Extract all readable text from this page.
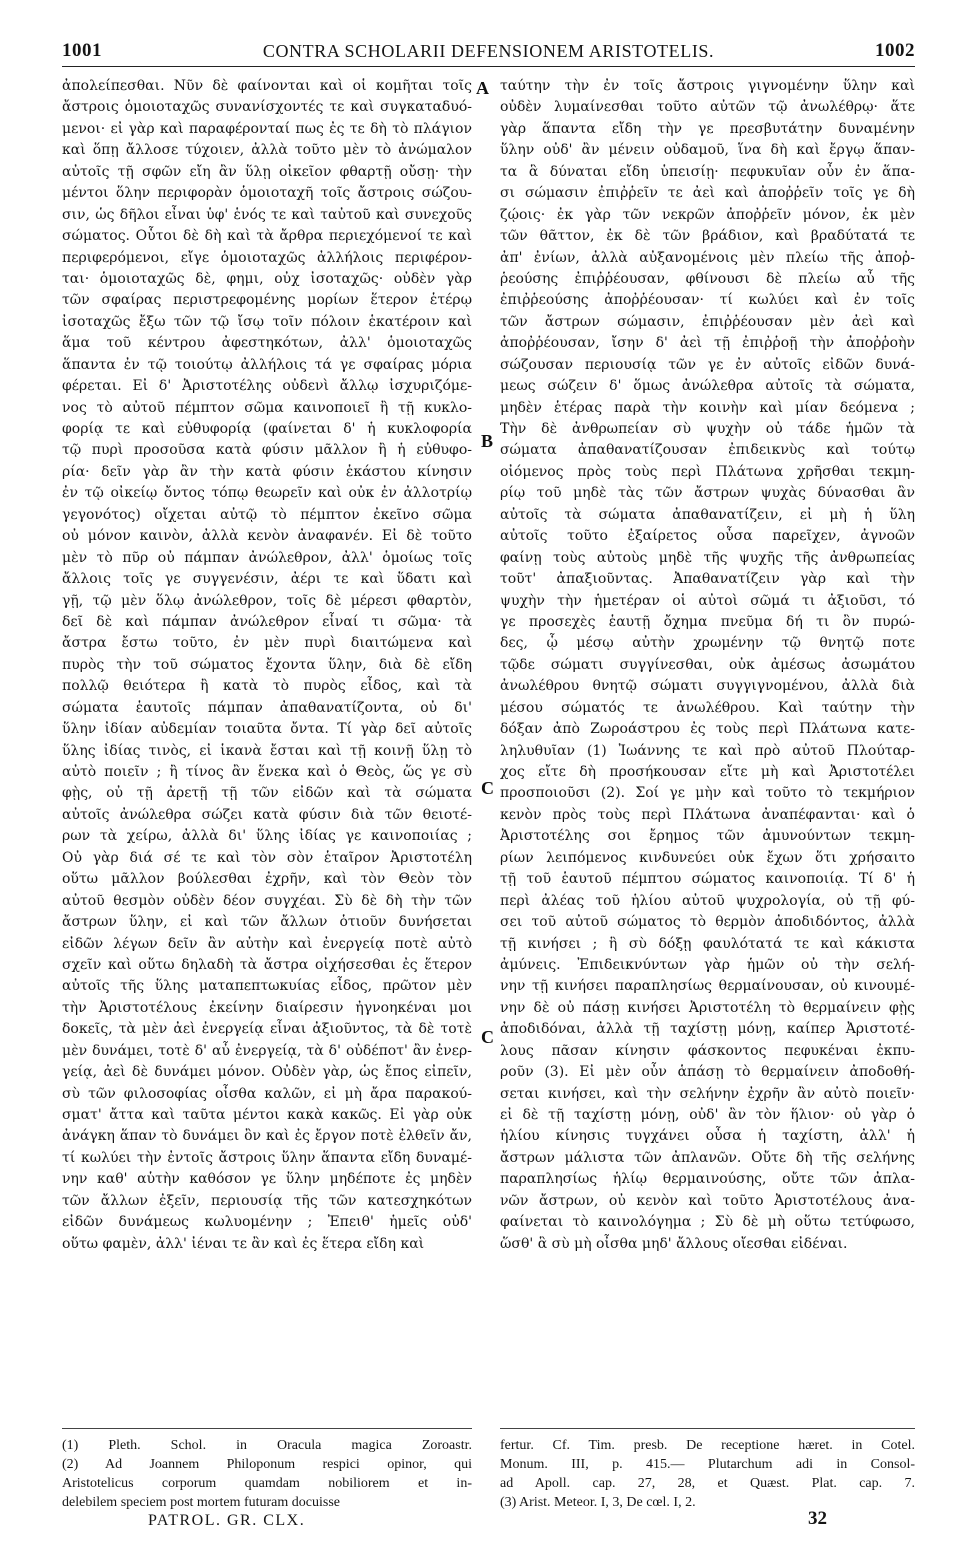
1001	CONTRA SCHOLARII DEFENSIONEM ARISTOTELIS.	1002
ἀπολείπεσθαι. Νῦν δὲ φαίνονται καὶ οἱ κομῆται τοῖς
ἄστροις ὁμοιοταχῶς συνανίσχοντές τε καὶ συγκαταδυό-
μενοι· εἰ γὰρ καὶ παραφέρονταί πως ἐς τε δὴ τὸ πλάγιον
καὶ ὅπῃ ἄλλοσε τύχοιεν, ἀλλὰ τοῦτο μὲν τὸ ἀνώμαλον
αὐτοῖς τῇ σφῶν εἴη ἂν ὕλῃ οἰκεῖον φθαρτῇ οὔσῃ· τὴν
μέντοι ὅλην περιφορὰν ὁμοιοταχῆ τοῖς ἄστροις σώζου-
σιν, ὡς δῆλοι εἶναι ὑφ' ἑνός τε καὶ ταὐτοῦ καὶ συνεχοῦς
σώματος. Οὗτοι δὲ δὴ καὶ τὰ ἄρθρα περιεχόμενοί τε καὶ
περιφερόμενοι, εἴγε ὁμοιοταχῶς ἀλλήλοις περιφέρον-
ται· ὁμοιοταχῶς δὲ, φημι, οὐχ ἰσοταχῶς· οὐδὲν γὰρ
τῶν σφαίρας περιστρεφομένης μορίων ἕτερον ἑτέρῳ
ἰσοταχῶς ἔξω τῶν τῷ ἴσῳ τοῖν πόλοιν ἑκατέροιν καὶ
ἅμα τοῦ κέντρου ἀφεστηκότων, ἀλλ' ὁμοιοταχῶς
ἅπαντα ἐν τῷ τοιούτῳ ἀλλήλοις τά γε σφαίρας μόρια
φέρεται. Εἰ δ' Ἀριστοτέλης οὐδενὶ ἄλλῳ ἰσχυριζόμε-
νος τὸ αὐτοῦ πέμπτον σῶμα καινοποιεῖ ἢ τῇ κυκλο-
φορίᾳ τε καὶ εὐθυφορίᾳ (φαίνεται δ' ἡ κυκλοφορία
τῷ πυρὶ προσοῦσα κατὰ φύσιν μᾶλλον ἢ ἡ εὐθυφο-
ρία· δεῖν γὰρ ἂν τὴν κατὰ φύσιν ἑκάστου κίνησιν
ἐν τῷ οἰκείῳ ὄντος τόπῳ θεωρεῖν καὶ οὐκ ἐν ἀλλοτρίῳ
γεγονότος) οἴχεται αὐτῷ τὸ πέμπτον ἐκεῖνο σῶμα
οὐ μόνον καινὸν, ἀλλὰ κενὸν ἀναφανέν. Εἰ δὲ τοῦτο
μὲν τὸ πῦρ οὐ πάμπαν ἀνώλεθρον, ἀλλ' ὁμοίως τοῖς
ἄλλοις τοῖς γε συγγενέσιν, ἀέρι τε καὶ ὕδατι καὶ
γῇ, τῷ μὲν ὅλῳ ἀνώλεθρον, τοῖς δὲ μέρεσι φθαρτὸν,
δεῖ δὲ καὶ πάμπαν ἀνώλεθρον εἶναί τι σῶμα· τὰ
ἄστρα ἔστω τοῦτο, ἐν μὲν πυρὶ διαιτώμενα καὶ
πυρὸς τὴν τοῦ σώματος ἔχοντα ὕλην, διὰ δὲ εἴδη
πολλῷ θειότερα ἢ κατὰ τὸ πυρὸς εἶδος, καὶ τὰ
σώματα ἑαυτοῖς πάμπαν ἀπαθανατίζοντα, οὐ δι'
ὕλην ἰδίαν αὐδεμίαν τοιαῦτα ὄντα. Τί γὰρ δεῖ αὐτοῖς
ὕλης ἰδίας τινὸς, εἰ ἱκανὰ ἔσται καὶ τῇ κοινῇ ὕλῃ τὸ
αὐτὸ ποιεῖν ; ἢ τίνος ἂν ἕνεκα καὶ ὁ Θεὸς, ὥς γε σὺ
φῂς, οὐ τῇ ἀρετῇ τῇ τῶν εἰδῶν καὶ τὰ σώματα
αὐτοῖς ἀνώλεθρα σώζει κατὰ φύσιν διὰ τῶν θειοτέ-
ρων τὰ χείρω, ἀλλὰ δι' ὕλης ἰδίας γε καινοποιίας ;
Οὐ γὰρ διά σέ τε καὶ τὸν σὸν ἑταῖρον Ἀριστοτέλη
οὕτω μᾶλλον βούλεσθαι ἐχρῆν, καὶ τὸν Θεὸν τὸν
αὐτοῦ θεσμὸν οὐδὲν δέον συγχέαι. Σὺ δὲ δὴ τὴν τῶν
ἄστρων ὕλην, εἰ καὶ τῶν ἄλλων ὁτιοῦν δυνήσεται
εἰδῶν λέγων δεῖν ἂν αὐτὴν καὶ ἐνεργείᾳ ποτὲ αὐτὸ
σχεῖν καὶ οὕτω δηλαδὴ τὰ ἄστρα οἰχήσεσθαι ἐς ἕτερον
αὐτοῖς τῆς ὕλης ματαπεπτωκυίας εἶδος, πρῶτον μὲν
τὴν Ἀριστοτέλους ἐκείνην διαίρεσιν ἠγνοηκέναι μοι
δοκεῖς, τὰ μὲν ἀεὶ ἐνεργείᾳ εἶναι ἀξιοῦντος, τὰ δὲ τοτὲ
μὲν δυνάμει, τοτὲ δ' αὖ ἐνεργείᾳ, τὰ δ' οὐδέποτ' ἂν ἐνερ-
γείᾳ, ἀεὶ δὲ δυνάμει μόνον. Οὐδὲν γὰρ, ὡς ἔπος εἰπεῖν,
σὺ τῶν φιλοσοφίας οἶσθα καλῶν, εἰ μὴ ἄρα παρακού-
σματ' ἄττα καὶ ταῦτα μέντοι κακὰ κακῶς. Εἰ γὰρ οὐκ
ἀνάγκη ἅπαν τὸ δυνάμει ὂν καὶ ἐς ἔργον ποτὲ ἐλθεῖν ἄν,
τί κωλύει τὴν ἐντοῖς ἄστροις ὕλην ἅπαντα εἴδη δυναμέ-
νην καθ' αὑτὴν καθόσον γε ὕλην μηδέποτε ἐς μηδὲν
τῶν ἄλλων ἐξεῖν, περιουσίᾳ τῆς τῶν κατεσχηκότων
εἰδῶν δυνάμεως κωλυομένην ; Ἐπειθ' ἡμεῖς οὐδ'
οὕτω φαμὲν, ἀλλ' ἰέναι τε ἂν καὶ ἐς ἕτερα εἴδη καὶ
ταύτην τὴν ἐν τοῖς ἄστροις γιγνομένην ὕλην καὶ
οὐδὲν λυμαίνεσθαι τοῦτο αὐτῶν τῷ ἀνωλέθρῳ· ἅτε
γὰρ ἅπαντα εἴδη τὴν γε πρεσβυτάτην δυναμένην
ὕλην οὐδ' ἂν μένειν οὐδαμοῦ, ἵνα δὴ καὶ ἔργῳ ἅπαν-
τα ἃ δύναται εἴδη ὑπεισίῃ· πεφυκυῖαν οὖν ἐν ἅπα-
σι σώμασιν ἐπιῤῥεῖν τε ἀεὶ καὶ ἀποῤῥεῖν τοῖς γε δὴ
ζῴοις· ἐκ γὰρ τῶν νεκρῶν ἀποῤῥεῖν μόνον, ἐκ μὲν
τῶν θᾶττον, ἐκ δὲ τῶν βράδιον, καὶ βραδύτατά τε
ἀπ' ἐνίων, ἀλλὰ αὐξανομένοις μὲν πλείω τῆς ἀποῤ-
ῥεούσης ἐπιῤῥέουσαν, φθίνουσι δὲ πλείω αὖ τῆς
ἐπιῤῥεούσης ἀποῤῥέουσαν· τί κωλύει καὶ ἐν τοῖς
τῶν ἄστρων σώμασιν, ἐπιῤῥέουσαν μὲν ἀεὶ καὶ
ἀποῤῥέουσαν, ἴσην δ' ἀεὶ τῇ ἐπιῤῥοῇ τὴν ἀποῤῥοὴν
σώζουσαν περιουσίᾳ τῶν γε ἐν αὐτοῖς εἰδῶν δυνά-
μεως σώζειν δ' ὅμως ἀνώλεθρα αὐτοῖς τὰ σώματα,
μηδὲν ἑτέρας παρὰ τὴν κοινὴν καὶ μίαν δεόμενα ;
Τὴν δὲ ἀνθρωπείαν σὺ ψυχὴν οὐ τάδε ἡμῶν τὰ
σώματα ἀπαθανατίζουσαν ἐπιδεικνὺς καὶ τούτῳ
οἰόμενος πρὸς τοὺς περὶ Πλάτωνα χρῆσθαι τεκμη-
ρίῳ τοῦ μηδὲ τὰς τῶν ἄστρων ψυχὰς δύνασθαι ἂν
αὐτοῖς τὰ σώματα ἀπαθανατίζειν, εἰ μὴ ἡ ὕλη
αὐτοῖς τοῦτο ἐξαίρετος οὖσα παρεῖχεν, ἀγνοῶν
φαίνῃ τοὺς αὐτοὺς μηδὲ τῆς ψυχῆς τῆς ἀνθρωπείας
τοῦτ' ἀπαξιοῦντας. Ἀπαθανατίζειν γὰρ καὶ τὴν
ψυχὴν τὴν ἡμετέραν οἱ αὐτοὶ σῶμά τι ἀξιοῦσι, τό
γε προσεχὲς ἑαυτῇ ὄχημα πνεῦμα δή τι ὂν πυρώ-
δες, ᾧ μέσῳ αὐτὴν χρωμένην τῷ θνητῷ ποτε
τῷδε σώματι συγγίνεσθαι, οὐκ ἀμέσως ἀσωμάτου
ἀνωλέθρου θνητῷ σώματι συγγιγνομένου, ἀλλὰ διὰ
μέσου σώματός τε ἀνωλέθρου. Καὶ ταύτην τὴν
δόξαν ἀπὸ Ζωροάστρου ἐς τοὺς περὶ Πλάτωνα κατε-
ληλυθυῖαν (1) Ἰωάννης τε καὶ πρὸ αὐτοῦ Πλούταρ-
χος εἴτε δὴ προσήκουσαν εἴτε μὴ καὶ Ἀριστοτέλει
προσποιοῦσι (2). Σοί γε μὴν καὶ τοῦτο τὸ τεκμήριον
κενὸν πρὸς τοὺς περὶ Πλάτωνα ἀναπέφανται· καὶ ὁ
Ἀριστοτέλης σοι ἔρημος τῶν ἀμυνούντων τεκμη-
ρίων λειπόμενος κινδυνεύει οὐκ ἔχων ὅτι χρήσαιτο
τῇ τοῦ ἑαυτοῦ πέμπτου σώματος καινοποιίᾳ. Τί δ' ἡ
περὶ ἀλέας τοῦ ἡλίου αὐτοῦ ψυχρολογία, οὐ τῇ φύ-
σει τοῦ αὐτοῦ σώματος τὸ θερμὸν ἀποδιδόντος, ἀλλὰ
τῇ κινήσει ; ἣ σὺ δόξῃ φαυλότατά τε καὶ κάκιστα
ἀμύνεις. Ἐπιδεικνύντων γὰρ ἡμῶν οὐ τὴν σελή-
νην τῇ κινήσει παραπλησίως θερμαίνουσαν, οὐ κινουμέ-
νην δὲ οὐ πάσῃ κινήσει Ἀριστοτέλη τὸ θερμαίνειν φῂς
ἀποδιδόναι, ἀλλὰ τῇ ταχίστῃ μόνῃ, καίπερ Ἀριστοτέ-
λους πᾶσαν κίνησιν φάσκοντος πεφυκέναι ἐκπυ-
ροῦν (3). Εἰ μὲν οὖν ἁπάσῃ τὸ θερμαίνειν ἀποδοθή-
σεται κινήσει, καὶ τὴν σελήνην ἐχρῆν ἂν αὐτὸ ποιεῖν·
εἰ δὲ τῇ ταχίστῃ μόνῃ, οὐδ' ἂν τὸν ἥλιον· οὐ γὰρ ὁ
ἡλίου κίνησις τυγχάνει οὖσα ἡ ταχίστη, ἀλλ' ἡ
ἄστρων μάλιστα τῶν ἀπλανῶν. Οὔτε δὴ τῆς σελήνης
παραπλησίως ἡλίῳ θερμαινούσης, οὔτε τῶν ἀπλα-
νῶν ἄστρων, οὐ κενὸν καὶ τοῦτο Ἀριστοτέλους ἀνα-
φαίνεται τὸ καινολόγημα ; Σὺ δὲ μὴ οὕτω τετύφωσο,
ὥσθ' ἃ σὺ μὴ οἶσθα μηδ' ἄλλους οἴεσθαι εἰδέναι.
A
B
C
C
(1) Pleth. Schol. in Oracula magica Zoroastr.
(2) Ad Joannem Philoponum respici opinor, qui
Aristotelicus corporum quamdam nobiliorem et in-
delebilem speciem post mortem futuram docuisse
fertur. Cf. Tim. presb. De receptione hæret. in Cotel.
Monum. III, p. 415.— Plutarchum adi in Consol-
ad Apoll. cap. 27, 28, et Quæst. Plat. cap. 7.
(3) Arist. Meteor. I, 3, De cœl. I, 2.
PATROL. GR. CLX.	32
